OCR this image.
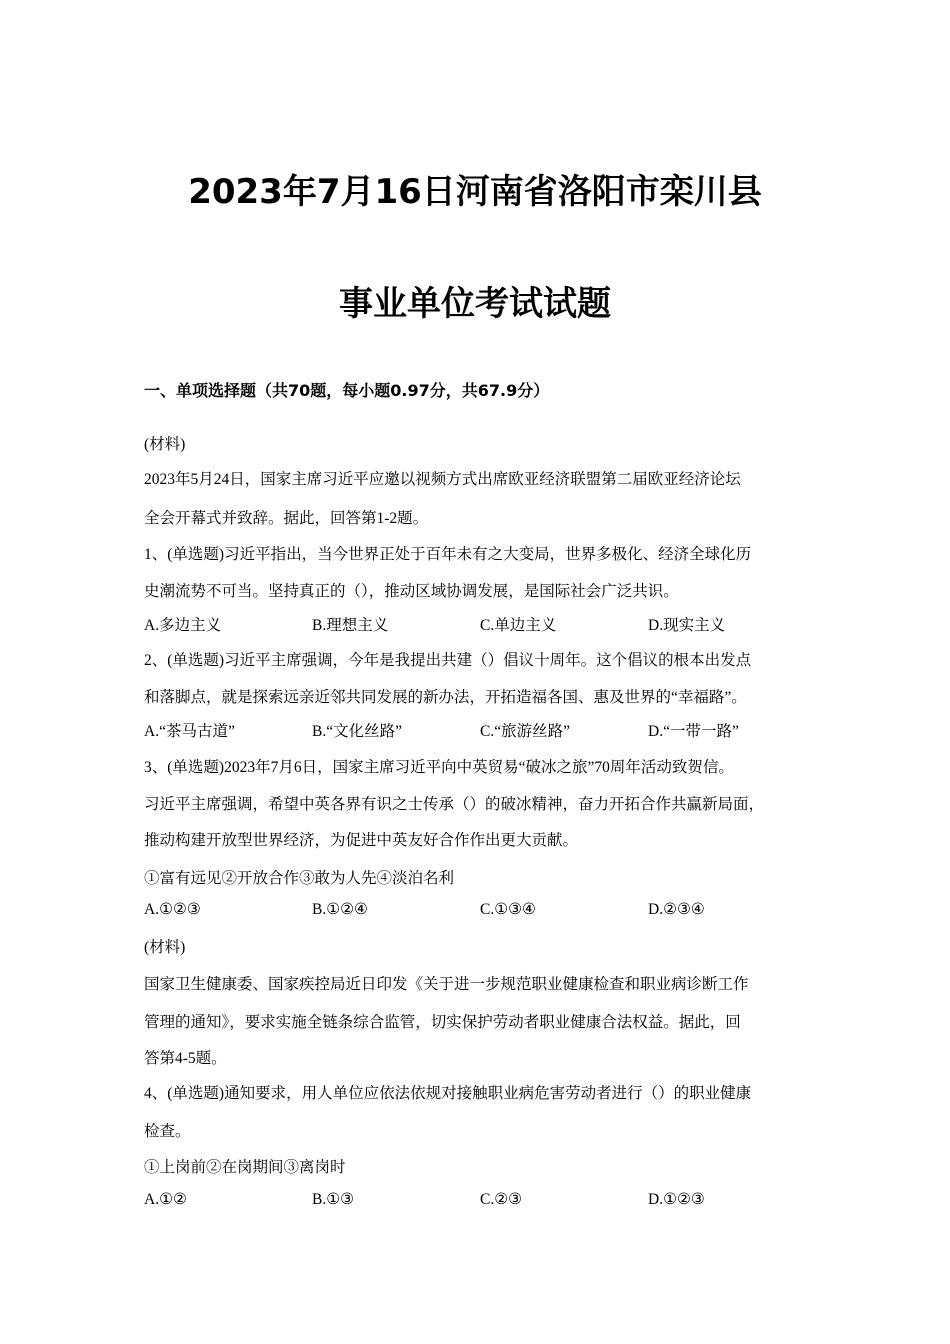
2023年7月16日河南省洛阳市栾川县
事业单位考试试题
一、单项选择题（共70题，每小题0.97分，共67.9分）
(材料)
2023年5月24日，国家主席习近平应邀以视频方式出席欧亚经济联盟第二届欧亚经济论坛
全会开幕式并致辞。据此，回答第1-2题。
1、(单选题)习近平指出，当今世界正处于百年未有之大变局，世界多极化、经济全球化历
史潮流势不可当。坚持真正的（），推动区域协调发展，是国际社会广泛共识。
A.多边主义	B.理想主义	C.单边主义	D.现实主义
2、(单选题)习近平主席强调，今年是我提出共建（）倡议十周年。这个倡议的根本出发点
和落脚点，就是探索远亲近邻共同发展的新办法，开拓造福各国、惠及世界的“幸福路”。
A.“茶马古道”	B.“文化丝路”	C.“旅游丝路”	D.“一带一路”
3、(单选题)2023年7月6日，国家主席习近平向中英贸易“破冰之旅”70周年活动致贺信。
习近平主席强调，希望中英各界有识之士传承（）的破冰精神，奋力开拓合作共赢新局面，
推动构建开放型世界经济，为促进中英友好合作作出更大贡献。
①富有远见②开放合作③敢为人先④淡泊名利
A.①②③	B.①②④	C.①③④	D.②③④
(材料)
国家卫生健康委、国家疾控局近日印发《关于进一步规范职业健康检查和职业病诊断工作
管理的通知》，要求实施全链条综合监管，切实保护劳动者职业健康合法权益。据此，回
答第4-5题。
4、(单选题)通知要求，用人单位应依法依规对接触职业病危害劳动者进行（）的职业健康
检查。
①上岗前②在岗期间③离岗时
A.①②	B.①③	C.②③	D.①②③
